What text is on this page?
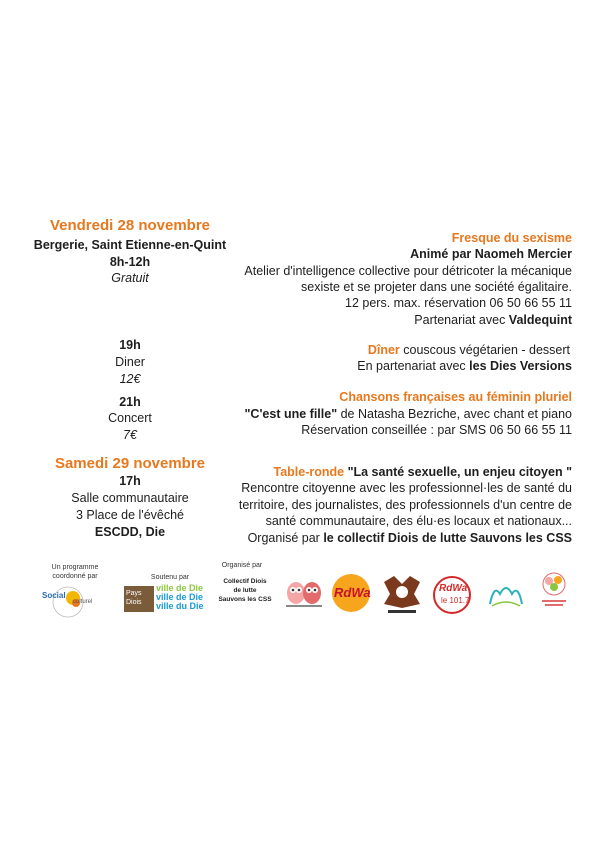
Vendredi 28 novembre
Bergerie, Saint Etienne-en-Quint
8h-12h
Gratuit
19h
Diner
12€
21h
Concert
7€
Samedi 29 novembre
17h
Salle communautaire
3 Place de l'évêché
ESCDD, Die
Fresque du sexisme
Animé par Naomeh Mercier
Atelier d'intelligence collective pour détricoter la mécanique
sexiste et se projeter dans une société égalitaire.
12 pers. max. réservation 06 50 66 55 11
Partenariat avec Valdequint
Dîner couscous végétarien - dessert
En partenariat avec les Dies Versions
Chansons françaises au féminin pluriel
"C'est une fille" de Natasha Bezriche, avec chant et piano
Réservation conseillée : par SMS 06 50 66 55 11
Table-ronde "La santé sexuelle, un enjeu citoyen "
Rencontre citoyenne avec les professionnel·les de santé du
territoire, des journalistes, des professionnels d'un centre de
santé communautaire, des élu·es locaux et nationaux...
Organisé par le collectif Diois de lutte Sauvons les CSS
Un programme
coordonné par
Social
culturel
Soutenu par
Pays
Diois
ville de Die
ville de Die
ville du Die
Organisé par
Collectif Diois
de lutte
Sauvons les CSS	RdWa	RdWa
le 101.7
